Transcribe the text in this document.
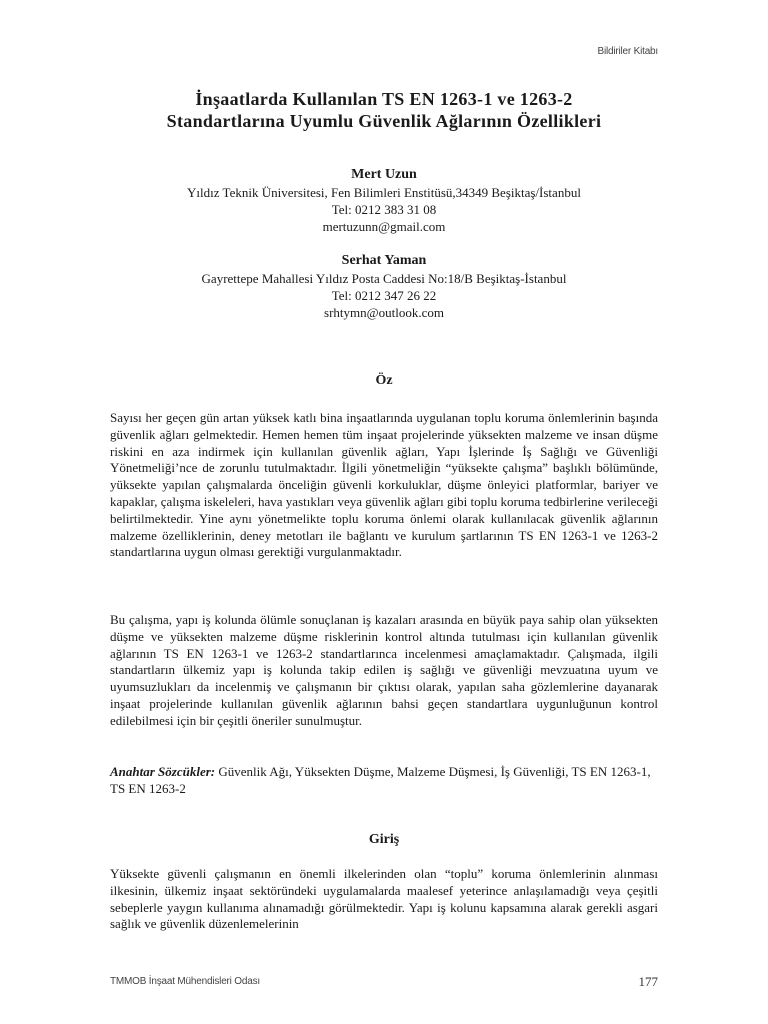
Bildiriler Kitabı
İnşaatlarda Kullanılan TS EN 1263-1 ve 1263-2
Standartlarına Uyumlu Güvenlik Ağlarının Özellikleri
Mert Uzun
Yıldız Teknik Üniversitesi, Fen Bilimleri Enstitüsü,34349 Beşiktaş/İstanbul
Tel: 0212 383 31 08
mertuzunn@gmail.com
Serhat Yaman
Gayrettepe Mahallesi Yıldız Posta Caddesi No:18/B Beşiktaş-İstanbul
Tel: 0212 347 26 22
srhtymn@outlook.com
Öz

Sayısı her geçen gün artan yüksek katlı bina inşaatlarında uygulanan toplu koruma önlemlerinin başında güvenlik ağları gelmektedir. Hemen hemen tüm inşaat projelerinde yüksekten malzeme ve insan düşme riskini en aza indirmek için kullanılan güvenlik ağları, Yapı İşlerinde İş Sağlığı ve Güvenliği Yönetmeliği’nce de zorunlu tutulmaktadır. İlgili yönetmeliğin “yüksekte çalışma” başlıklı bölümünde, yüksekte yapılan çalışmalarda önceliğin güvenli korkuluklar, düşme önleyici platformlar, bariyer ve kapaklar, çalışma iskeleleri, hava yastıkları veya güvenlik ağları gibi toplu koruma tedbirlerine verileceği belirtilmektedir. Yine aynı yönetmelikte toplu koruma önlemi olarak kullanılacak güvenlik ağlarının malzeme özelliklerinin, deney metotları ile bağlantı ve kurulum şartlarının TS EN 1263-1 ve 1263-2 standartlarına uygun olması gerektiği vurgulanmaktadır.

Bu çalışma, yapı iş kolunda ölümle sonuçlanan iş kazaları arasında en büyük paya sahip olan yüksekten düşme ve yüksekten malzeme düşme risklerinin kontrol altında tutulması için kullanılan güvenlik ağlarının TS EN 1263-1 ve 1263-2 standartlarınca incelenmesi amaçlamaktadır. Çalışmada, ilgili standartların ülkemiz yapı iş kolunda takip edilen iş sağlığı ve güvenliği mevzuatına uyum ve uyumsuzlukları da incelenmiş ve çalışmanın bir çıktısı olarak, yapılan saha gözlemlerine dayanarak inşaat projelerinde kullanılan güvenlik ağlarının bahsi geçen standartlara uygunluğunun kontrol edilebilmesi için bir çeşitli öneriler sunulmuştur.

Anahtar Sözcükler: Güvenlik Ağı, Yüksekten Düşme, Malzeme Düşmesi, İş Güvenliği, TS EN 1263-1, TS EN 1263-2

Giriş

Yüksekte güvenli çalışmanın en önemli ilkelerinden olan “toplu” koruma önlemlerinin alınması ilkesinin, ülkemiz inşaat sektöründeki uygulamalarda maalesef yeterince anlaşılamadığı veya çeşitli sebeplerle yaygın kullanıma alınamadığı görülmektedir. Yapı iş kolunu kapsamına alarak gerekli asgari sağlık ve güvenlik düzenlemelerinin

TMMOB İnşaat Mühendisleri Odası	177
